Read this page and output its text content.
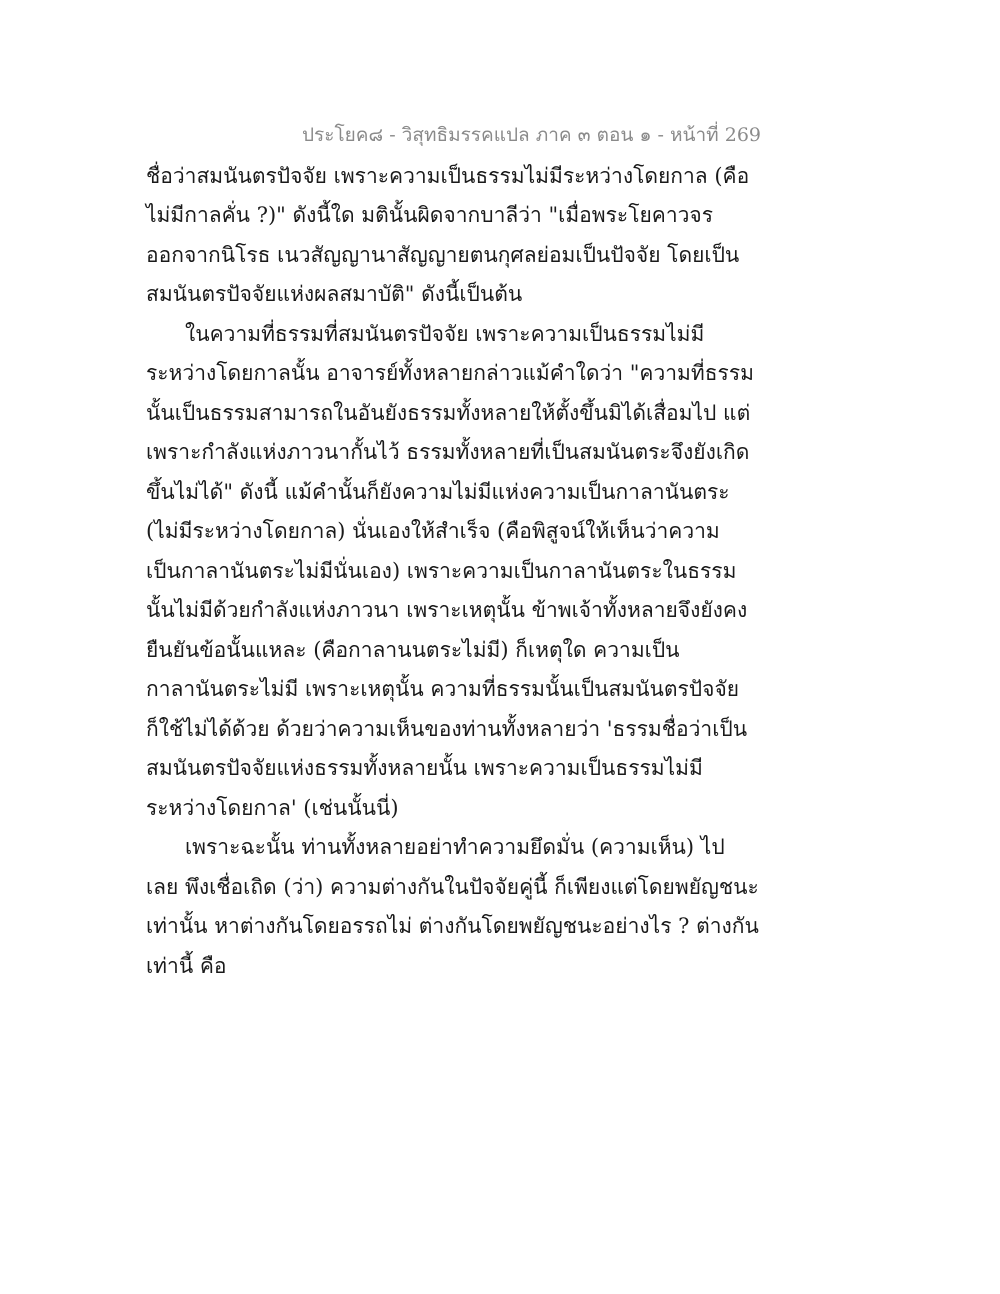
ประโยค๘ - วิสุทธิมรรคแปล ภาค ๓ ตอน ๑ - หน้าที่ 269
ชื่อว่าสมนันตรปัจจัย เพราะความเป็นธรรมไม่มีระหว่างโดยกาล (คือ
ไม่มีกาลคั่น ?)" ดังนี้ใด มตินั้นผิดจากบาลีว่า "เมื่อพระโยคาวจร
ออกจากนิโรธ เนวสัญญานาสัญญายตนกุศลย่อมเป็นปัจจัย โดยเป็น
สมนันตรปัจจัยแห่งผลสมาบัติ" ดังนี้เป็นต้น
ในความที่ธรรมที่สมนันตรปัจจัย เพราะความเป็นธรรมไม่มี
ระหว่างโดยกาลนั้น อาจารย์ทั้งหลายกล่าวแม้คำใดว่า "ความที่ธรรม
นั้นเป็นธรรมสามารถในอันยังธรรมทั้งหลายให้ตั้งขึ้นมิได้เสื่อมไป แต่
เพราะกำลังแห่งภาวนากั้นไว้ ธรรมทั้งหลายที่เป็นสมนันตระจึงยังเกิด
ขึ้นไม่ได้" ดังนี้ แม้คำนั้นก็ยังความไม่มีแห่งความเป็นกาลานันตระ
(ไม่มีระหว่างโดยกาล) นั่นเองให้สำเร็จ (คือพิสูจน์ให้เห็นว่าความ
เป็นกาลานันตระไม่มีนั่นเอง) เพราะความเป็นกาลานันตระในธรรม
นั้นไม่มีด้วยกำลังแห่งภาวนา เพราะเหตุนั้น ข้าพเจ้าทั้งหลายจึงยังคง
ยืนยันข้อนั้นแหละ (คือกาลานนตระไม่มี) ก็เหตุใด ความเป็น
กาลานันตระไม่มี เพราะเหตุนั้น ความที่ธรรมนั้นเป็นสมนันตรปัจจัย
ก็ใช้ไม่ได้ด้วย ด้วยว่าความเห็นของท่านทั้งหลายว่า 'ธรรมชื่อว่าเป็น
สมนันตรปัจจัยแห่งธรรมทั้งหลายนั้น เพราะความเป็นธรรมไม่มี
ระหว่างโดยกาล' (เช่นนั้นนี่)
เพราะฉะนั้น ท่านทั้งหลายอย่าทำความยึดมั่น (ความเห็น) ไป
เลย พึงเชื่อเถิด (ว่า) ความต่างกันในปัจจัยคู่นี้ ก็เพียงแต่โดยพยัญชนะ
เท่านั้น หาต่างกันโดยอรรถไม่ ต่างกันโดยพยัญชนะอย่างไร ? ต่างกัน
เท่านี้ คือ
